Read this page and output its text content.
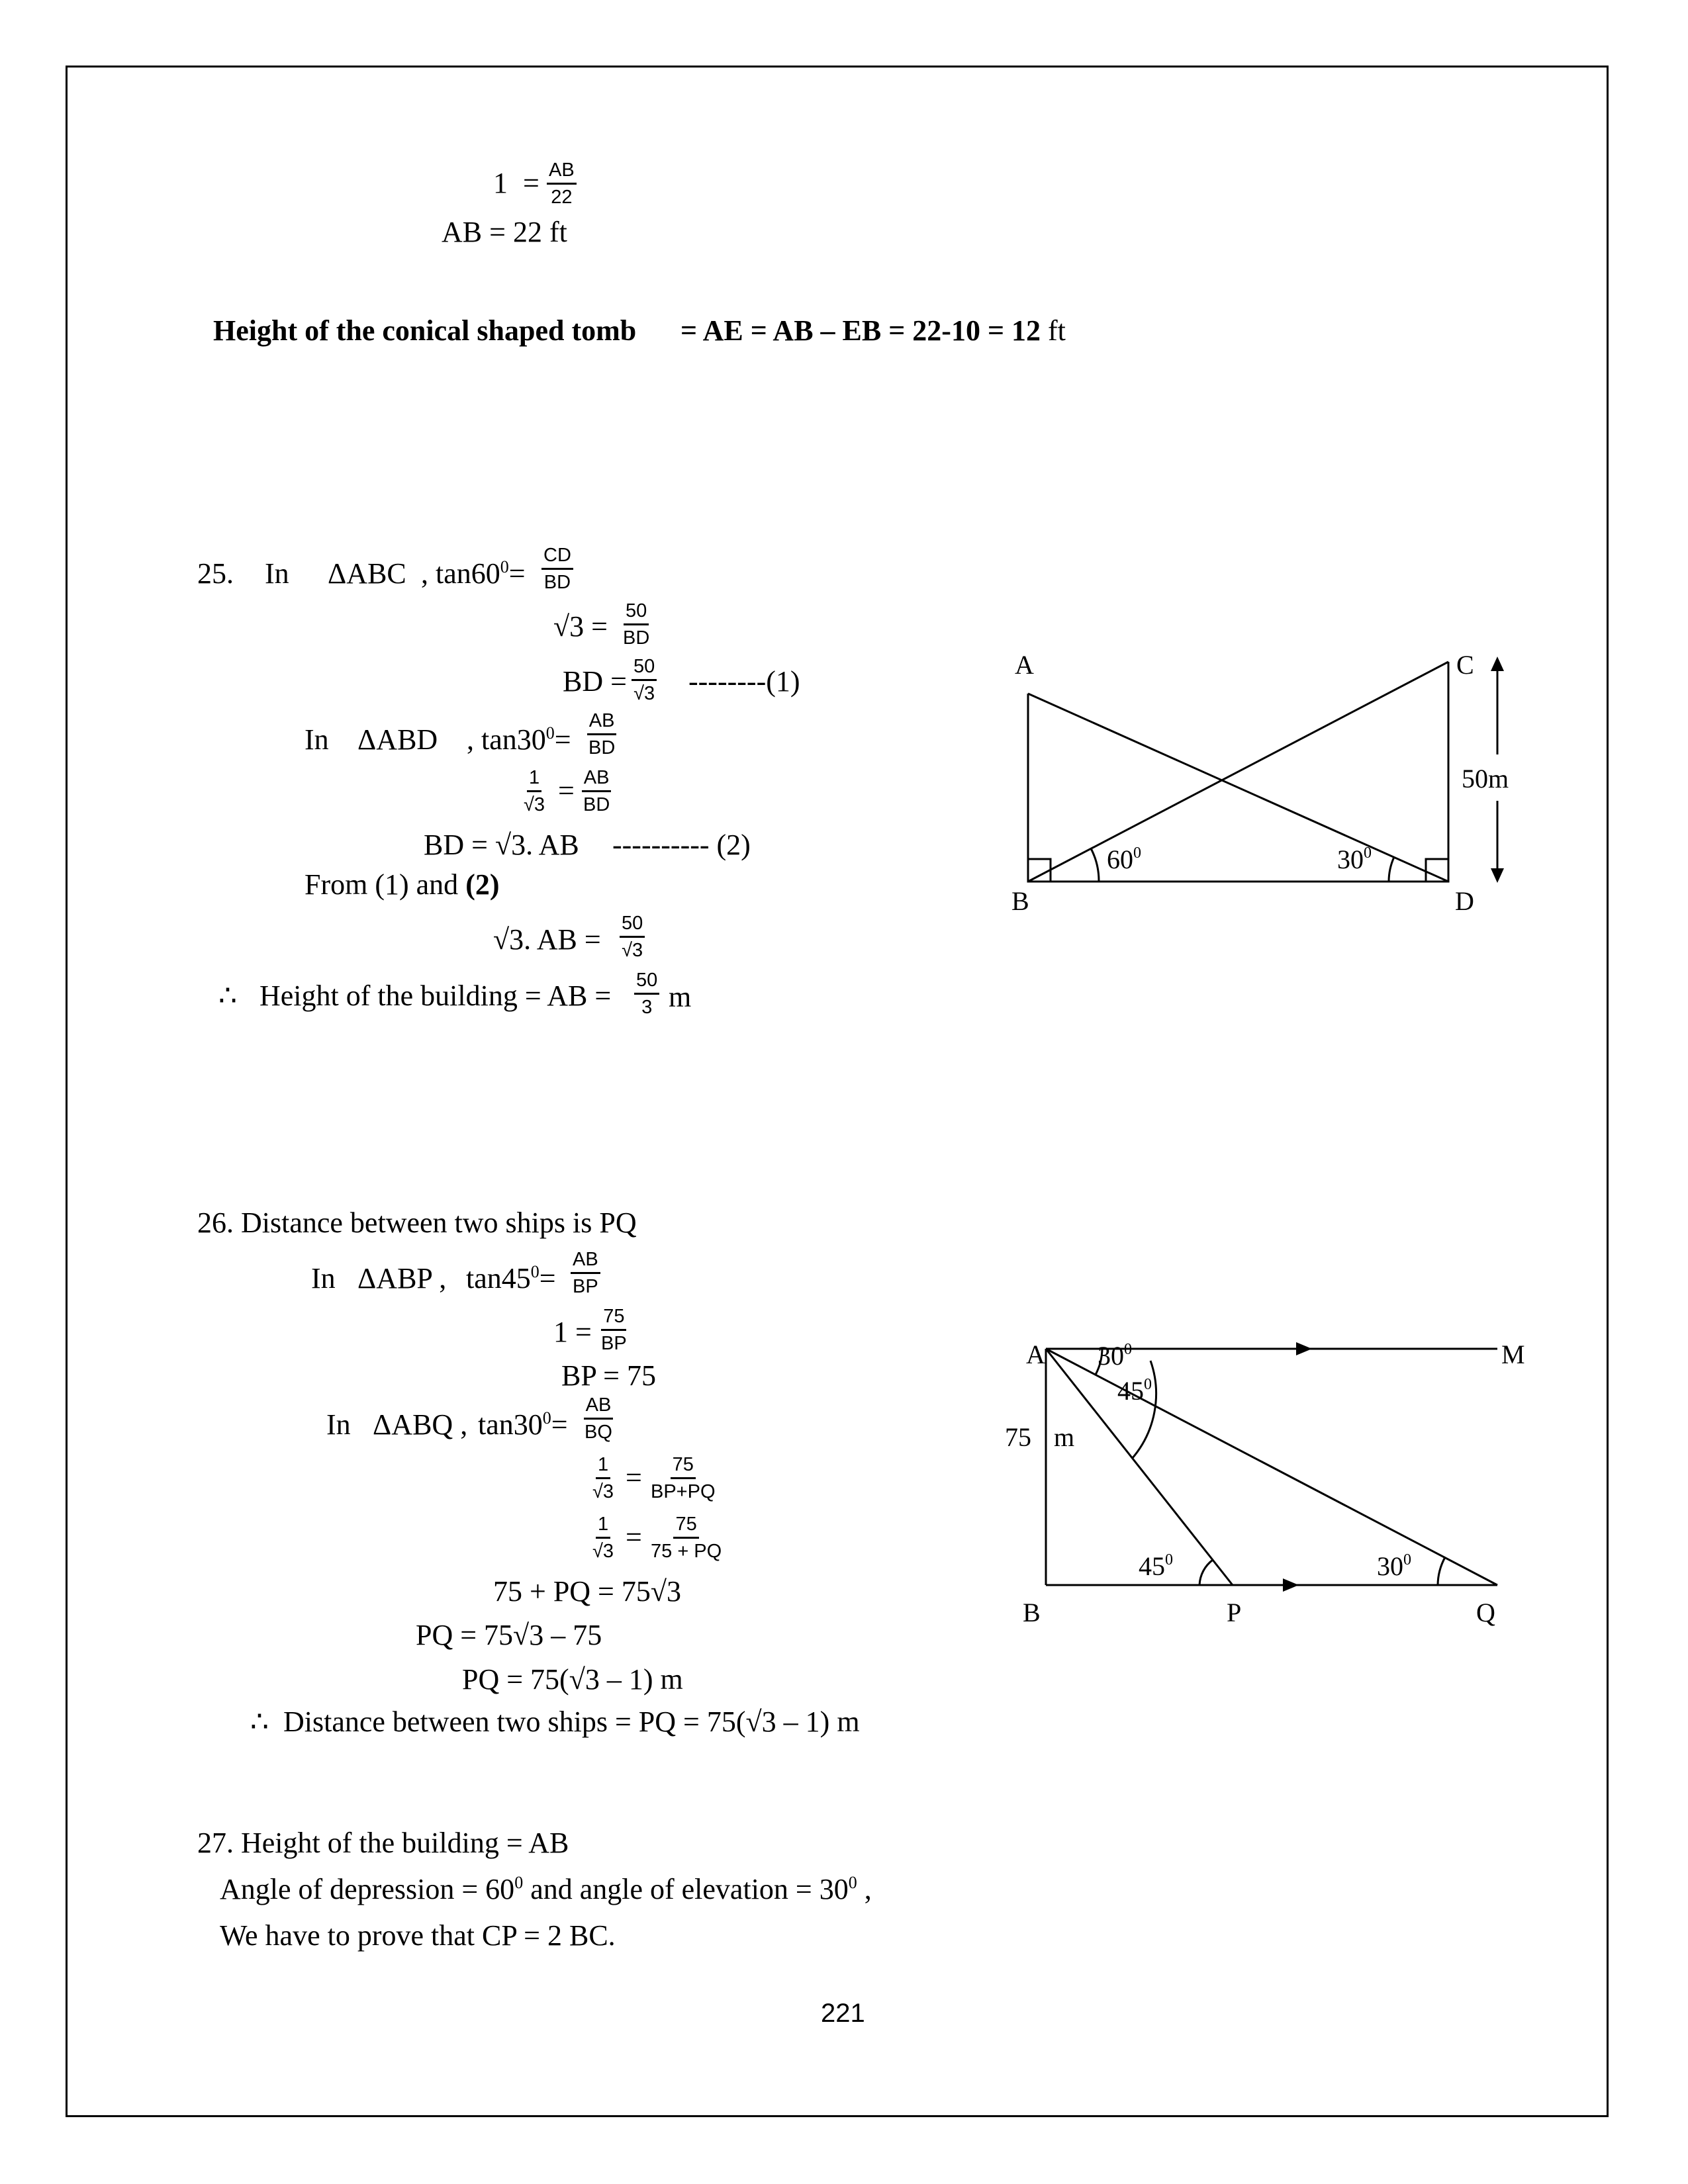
$1 = \frac{AB}{22}$
AB = 22 ft
Height of the conical shaped tomb = AE = AB – EB = 22-10 = 12 ft
25. In ΔABC , $\tan 60^0= \frac{CD}{BD}$
$√3 = \frac{50}{BD}$
BD = $\frac{50}{√3} --------(1)$
In ΔABD , $\tan 30^0= \frac{AB}{BD}$
$\frac{1}{√3} = \frac{AB}{BD}$
BD = √3. AB ---------- (2)
From (1) and (2)
√3. AB = $\frac{50}{√3}$
∴ Height of the building = AB = $\frac{50}{3}$ m
A
B
C
D
$60^0$	$30^0$
50m
26. Distance between two ships is PQ
In ΔABP , $\tan 45^0= \frac{AB}{BP}$
$1 = \frac{75}{BP}$
BP = 75
In ΔABQ , $\tan 30^0= \frac{AB}{BQ}$
$\frac{1}{√3} = \frac{75}{BP+PQ}$
$\frac{1}{√3} = \frac{75}{75 + PQ}$
75 + PQ = 75√3
PQ = 75√3 – 75
PQ = 75(√3 – 1) m
∴ Distance between two ships = PQ = 75(√3 – 1) m
A
B	P	Q
M
75 m
$30^0$
$45^0$
$45^0$	$30^0$
27. Height of the building = AB
Angle of depression = $60^0$ and angle of elevation = $30^0$ ,
We have to prove that CP = 2 BC.
221
